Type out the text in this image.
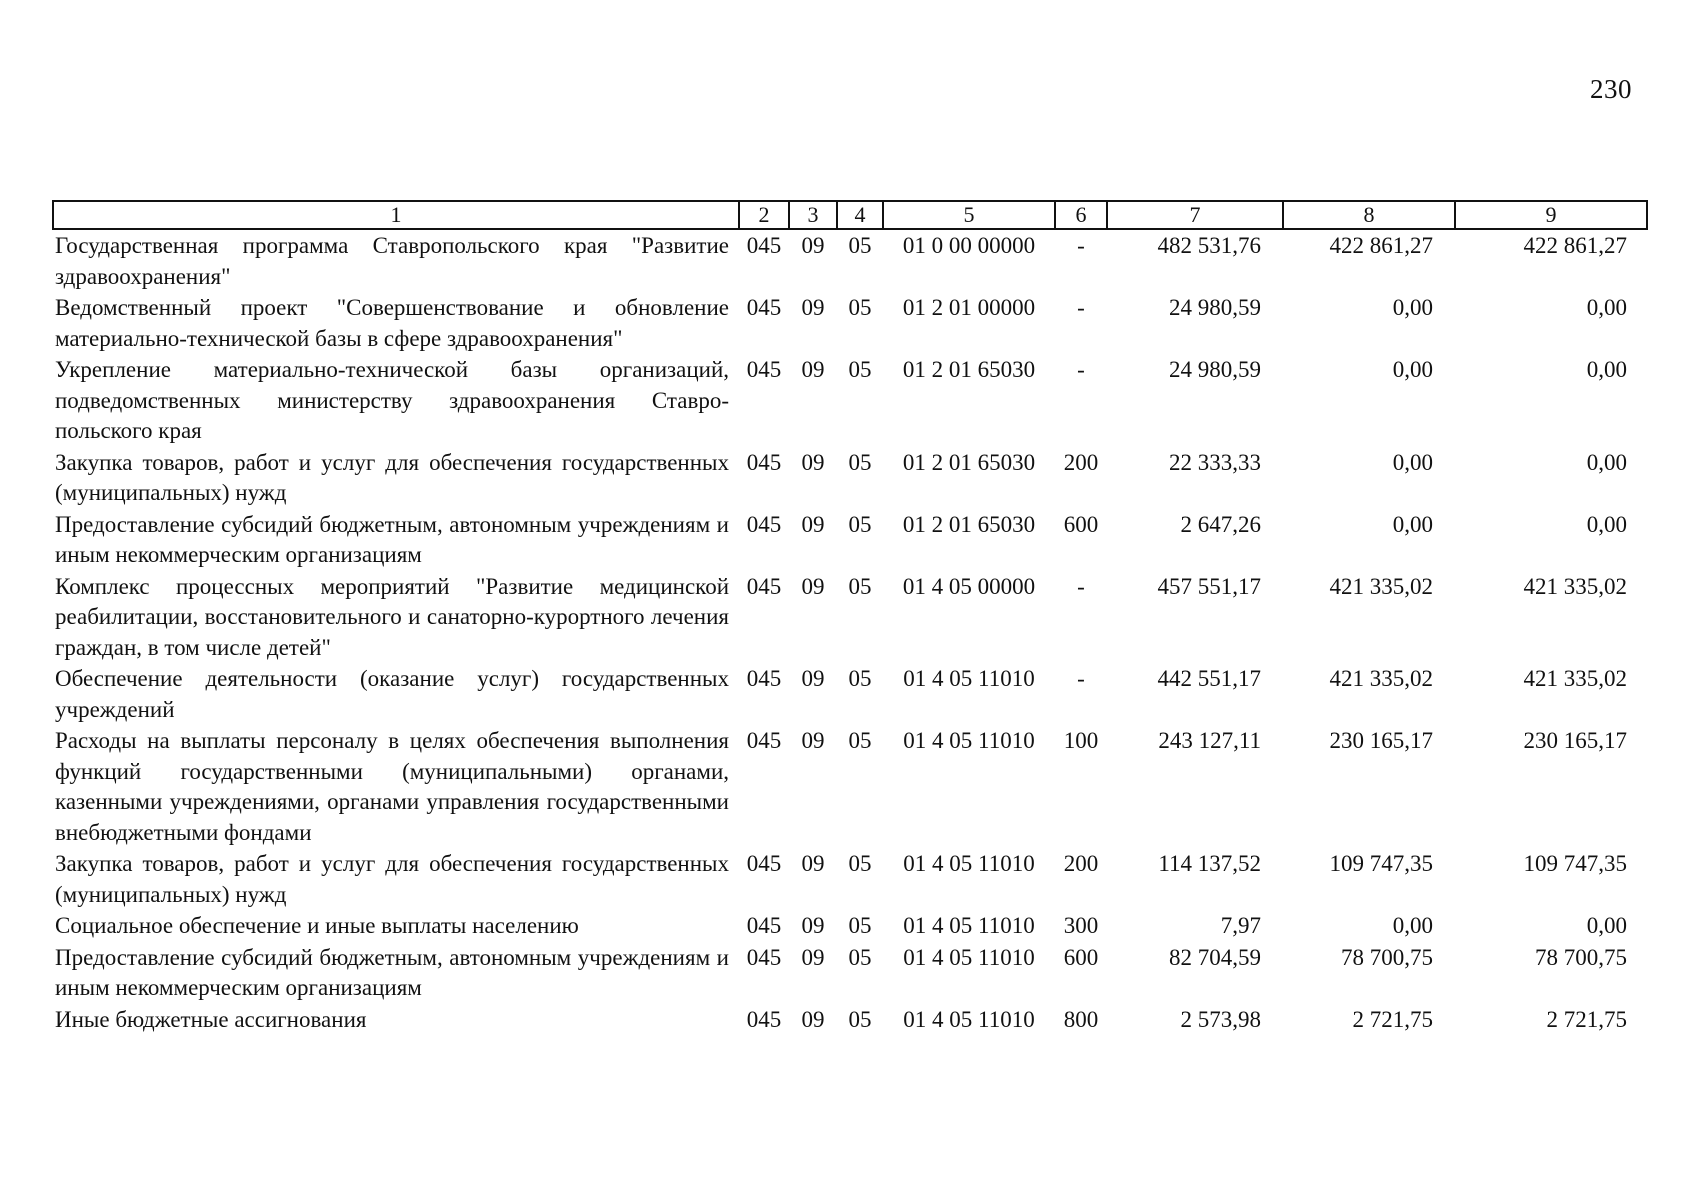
230
1	2	3	4	5	6	7	8	9
Государственная программа Ставропольского края "Развитие здравоохранения"	045	09	05	01 0 00 00000	-	482 531,76	422 861,27	422 861,27
Ведомственный проект "Совершенствование и обновление материально-технической базы в сфере здравоохранения"	045	09	05	01 2 01 00000	-	24 980,59	0,00	0,00
Укрепление материально-технической базы организаций, подведомственных министерству здравоохранения Ставро-польского края	045	09	05	01 2 01 65030	-	24 980,59	0,00	0,00
Закупка товаров, работ и услуг для обеспечения государственных (муниципальных) нужд	045	09	05	01 2 01 65030	200	22 333,33	0,00	0,00
Предоставление субсидий бюджетным, автономным учреждениям и иным некоммерческим организациям	045	09	05	01 2 01 65030	600	2 647,26	0,00	0,00
Комплекс процессных мероприятий "Развитие медицинской реабилитации, восстановительного и санаторно-курортного лечения граждан, в том числе детей"	045	09	05	01 4 05 00000	-	457 551,17	421 335,02	421 335,02
Обеспечение деятельности (оказание услуг) государственных учреждений	045	09	05	01 4 05 11010	-	442 551,17	421 335,02	421 335,02
Расходы на выплаты персоналу в целях обеспечения выполнения функций государственными (муниципальными) органами, казенными учреждениями, органами управления государственными внебюджетными фондами	045	09	05	01 4 05 11010	100	243 127,11	230 165,17	230 165,17
Закупка товаров, работ и услуг для обеспечения государственных (муниципальных) нужд	045	09	05	01 4 05 11010	200	114 137,52	109 747,35	109 747,35
Социальное обеспечение и иные выплаты населению	045	09	05	01 4 05 11010	300	7,97	0,00	0,00
Предоставление субсидий бюджетным, автономным учреждениям и иным некоммерческим организациям	045	09	05	01 4 05 11010	600	82 704,59	78 700,75	78 700,75
Иные бюджетные ассигнования	045	09	05	01 4 05 11010	800	2 573,98	2 721,75	2 721,75
